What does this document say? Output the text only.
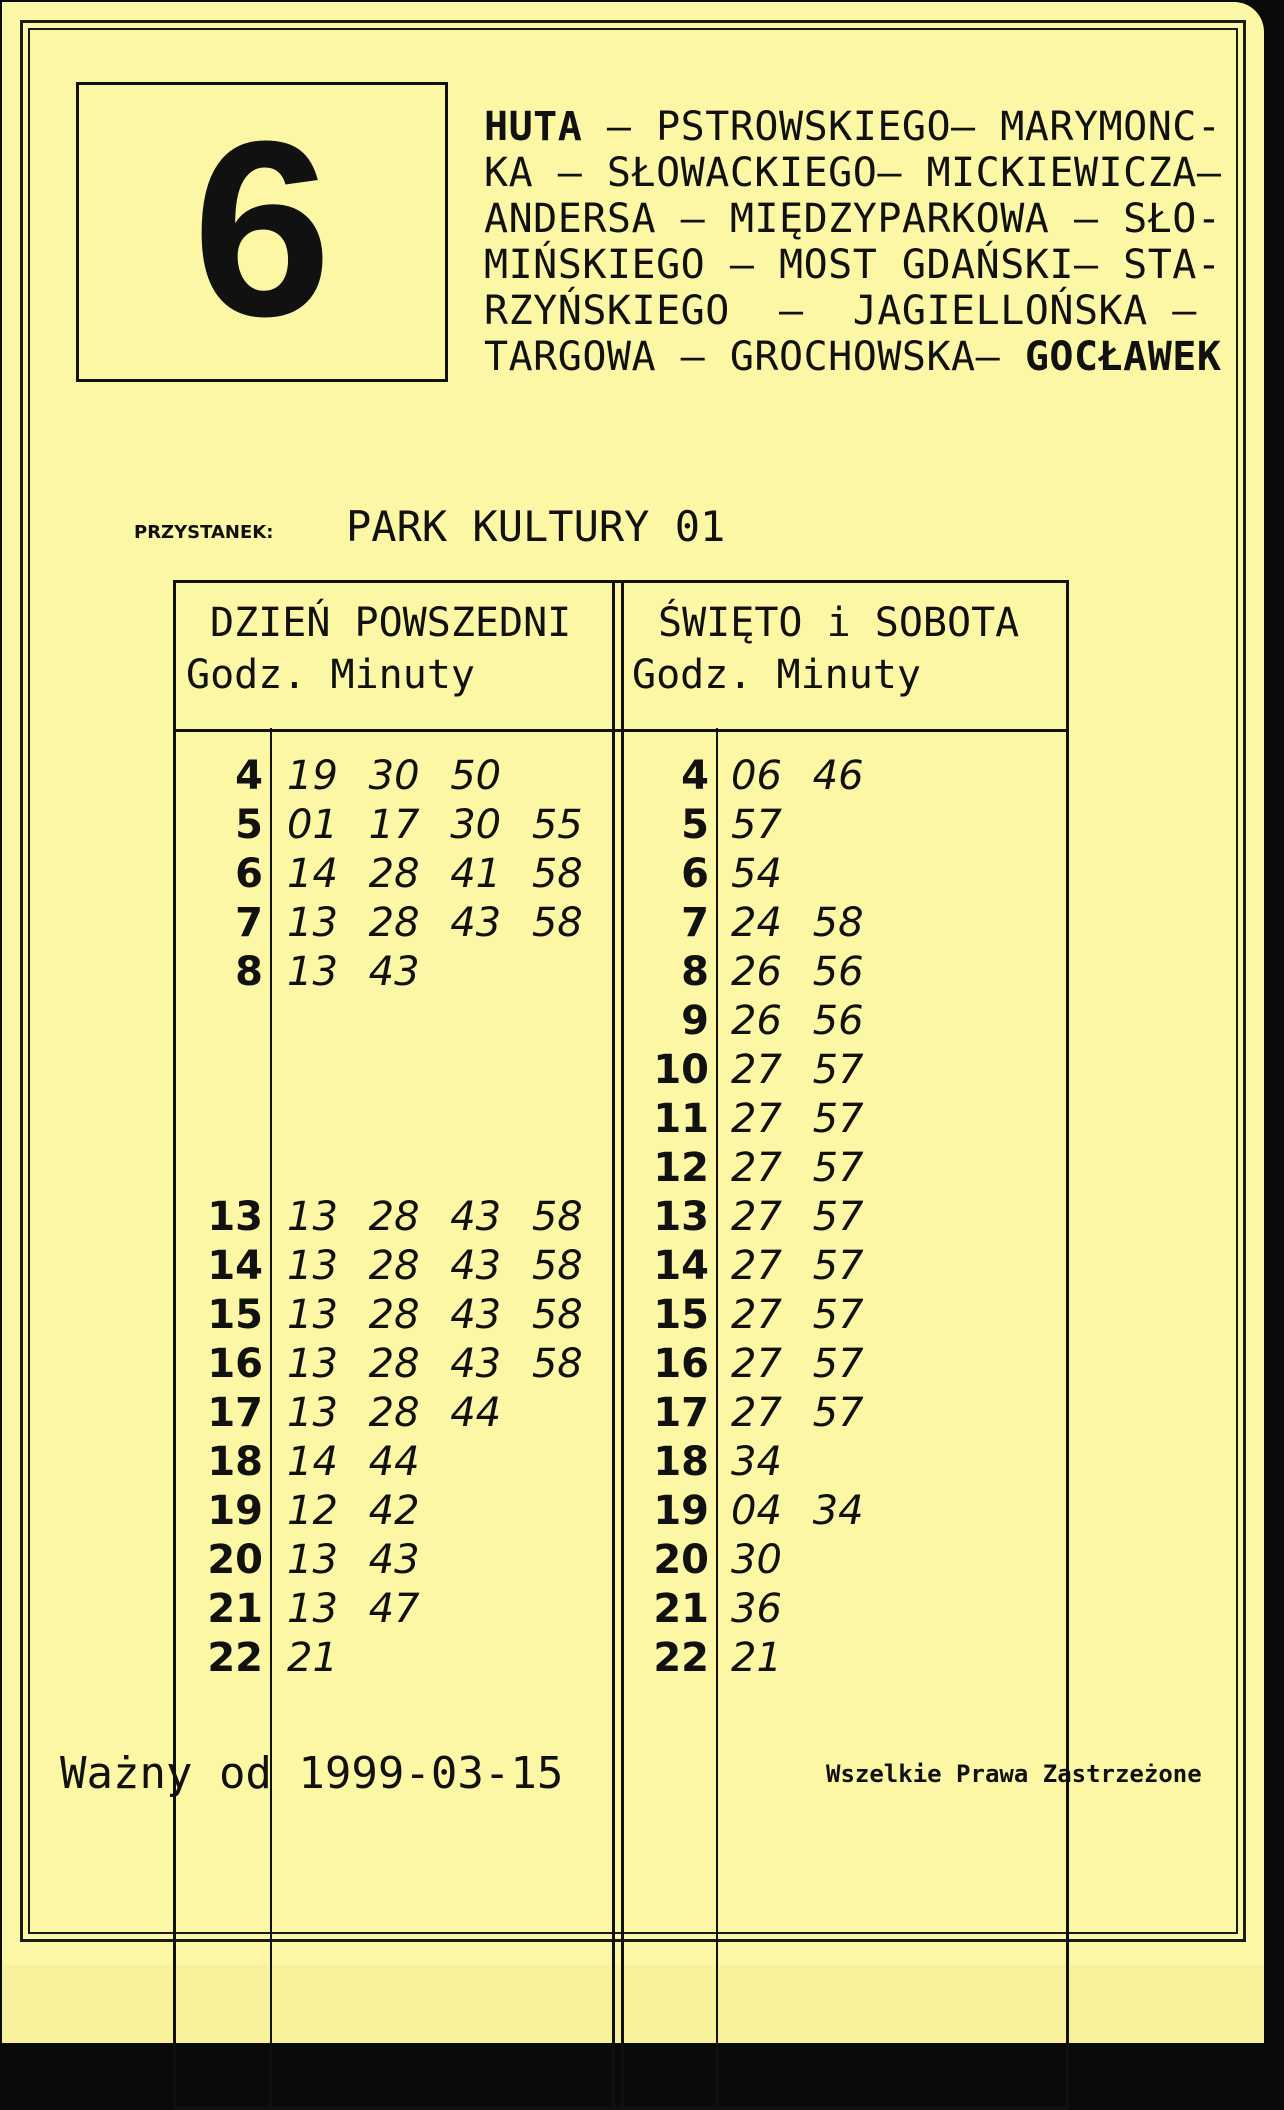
6	HUTA – PSTROWSKIEGO– MARYMONC-
KA – SŁOWACKIEGO– MICKIEWICZA–
ANDERSA – MIĘDZYPARKOWA – SŁO-
MIŃSKIEGO – MOST GDAŃSKI– STA-
RZYŃSKIEGO  –  JAGIELLOŃSKA –
TARGOWA – GROCHOWSKA– GOCŁAWEK
PRZYSTANEK: PARK KULTURY 01
DZIEŃ POWSZEDNI
Godz. Minuty
ŚWIĘTO i SOBOTA
Godz. Minuty
4 19 30 50
5 01 17 30 55
6 14 28 41 58
7 13 28 43 58
8 13 43
13 13 28 43 58
14 13 28 43 58
15 13 28 43 58
16 13 28 43 58
17 13 28 44
18 14 44
19 12 42
20 13 43
21 13 47
22 21
4 06 46
5 57
6 54
7 24 58
8 26 56
9 26 56
10 27 57
11 27 57
12 27 57
13 27 57
14 27 57
15 27 57
16 27 57
17 27 57
18 34
19 04 34
20 30
21 36
22 21
Ważny od 1999-03-15	Wszelkie Prawa Zastrzeżone
